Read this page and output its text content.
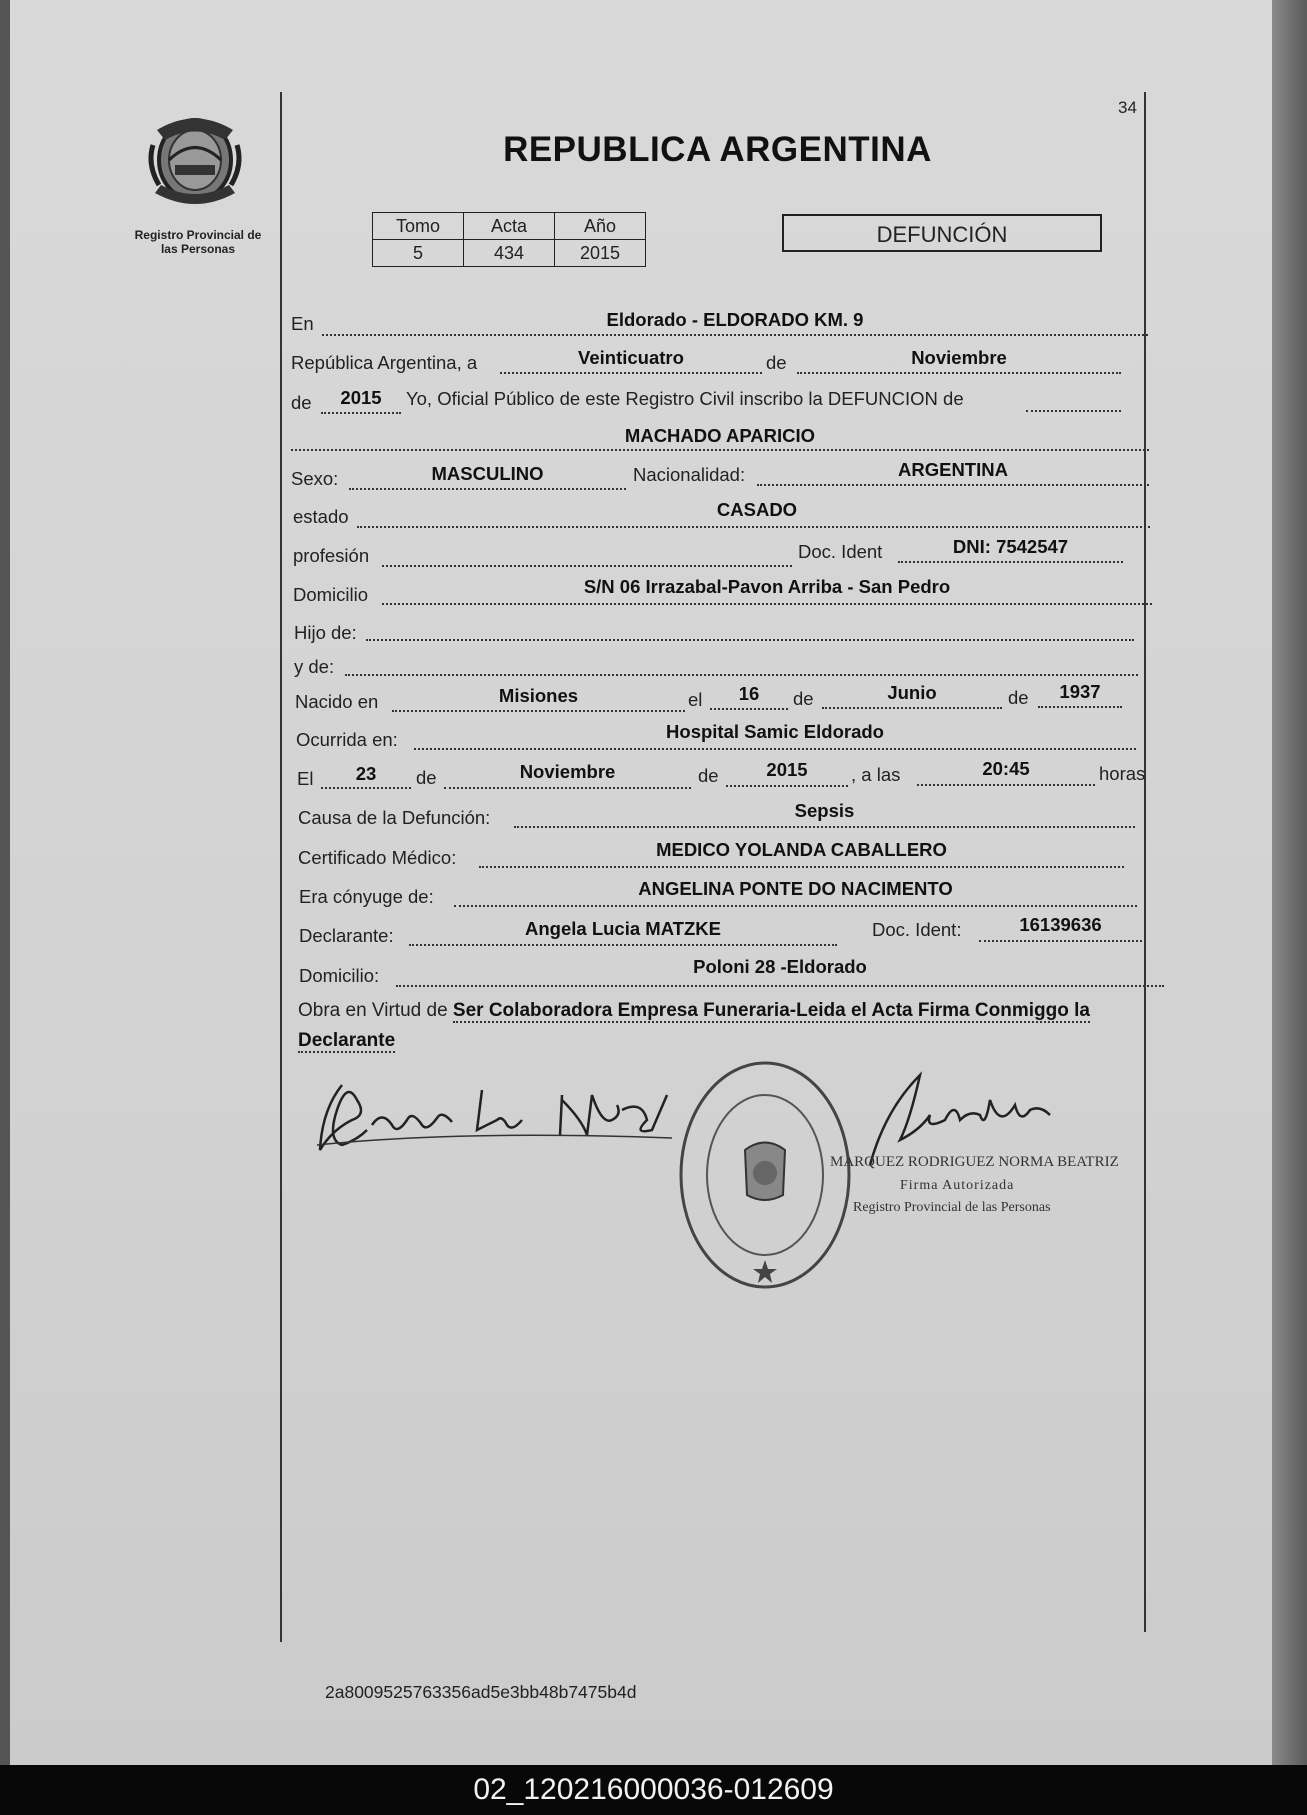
Registro Provincial de
las Personas
34
REPUBLICA ARGENTINA
Tomo	Acta	Año
5	434	2015
DEFUNCIÓN
En	Eldorado - ELDORADO KM. 9
República Argentina, a	Veinticuatro	de	Noviembre
de	2015	Yo, Oficial Público de este Registro Civil inscribo la DEFUNCION de
MACHADO APARICIO
Sexo:	MASCULINO	Nacionalidad:	ARGENTINA
estado	CASADO
profesión	Doc. Ident	DNI: 7542547
Domicilio	S/N 06 Irrazabal-Pavon Arriba - San Pedro
Hijo de:
y de:
Nacido en	Misiones	el	16	de	Junio	de	1937
Ocurrida en:	Hospital Samic Eldorado
El	23	de	Noviembre	de	2015	, a las	20:45	horas
Causa de la Defunción:	Sepsis
Certificado Médico:	MEDICO YOLANDA CABALLERO
Era cónyuge de:	ANGELINA PONTE DO NACIMENTO
Declarante:	Angela Lucia MATZKE	Doc. Ident:	16139636
Domicilio:	Poloni 28 -Eldorado
Obra en Virtud de Ser Colaboradora Empresa Funeraria-Leida el Acta Firma Conmiggo la Declarante
MARQUEZ RODRIGUEZ NORMA BEATRIZ
Firma Autorizada
Registro Provincial de las Personas
2a8009525763356ad5e3bb48b7475b4d
02_120216000036-012609
